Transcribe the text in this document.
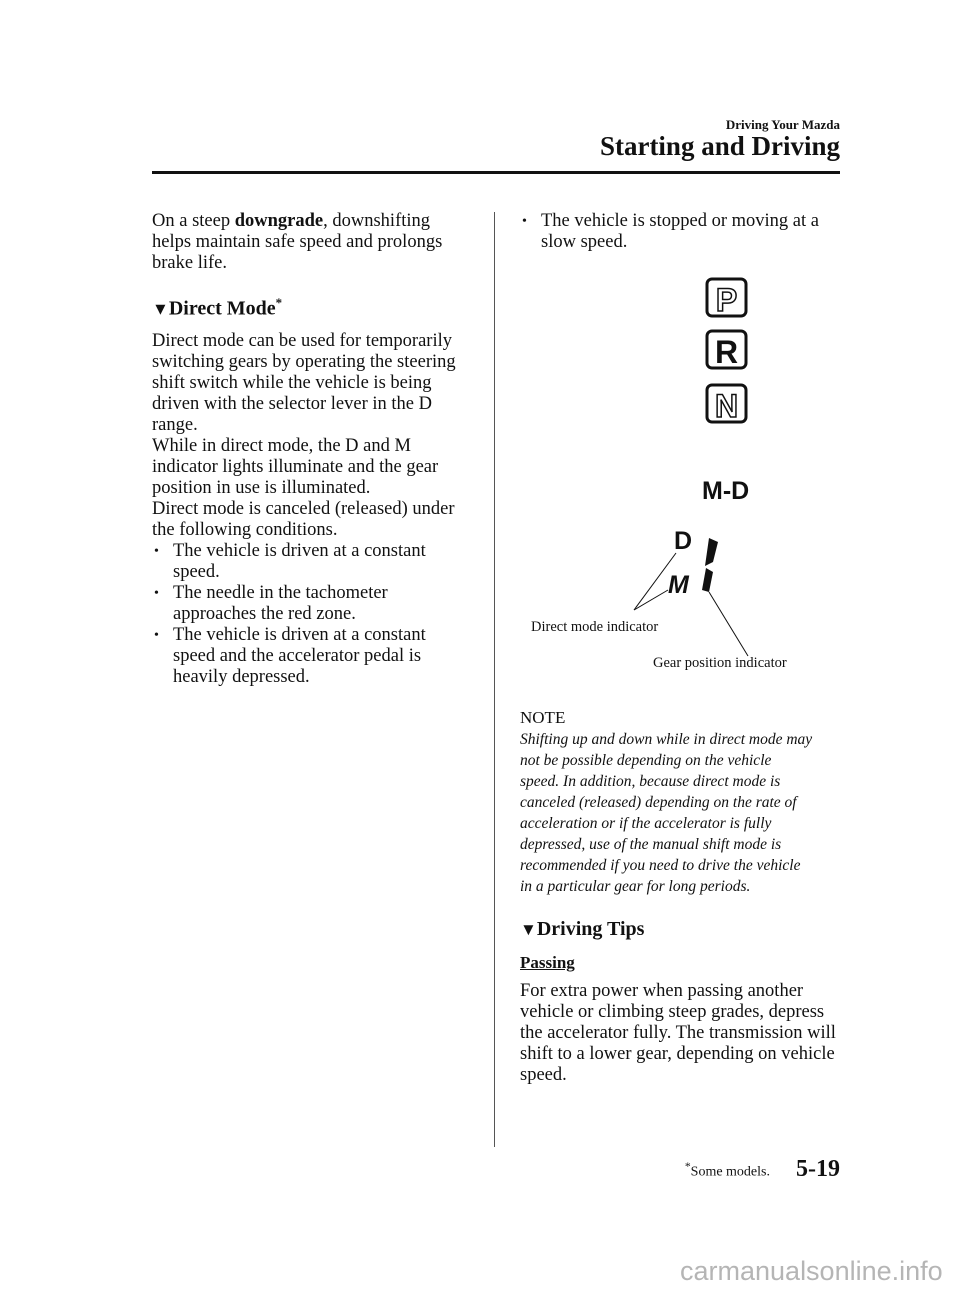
Driving Your Mazda
Starting and Driving
On a steep downgrade, downshifting
helps maintain safe speed and prolongs
brake life.
▼Direct Mode*
Direct mode can be used for temporarily
switching gears by operating the steering
shift switch while the vehicle is being
driven with the selector lever in the D
range.
While in direct mode, the D and M
indicator lights illuminate and the gear
position in use is illuminated.
Direct mode is canceled (released) under
the following conditions.
• The vehicle is driven at a constant
speed.
• The needle in the tachometer
approaches the red zone.
• The vehicle is driven at a constant
speed and the accelerator pedal is
heavily depressed.
• The vehicle is stopped or moving at a
slow speed.
P
R
N
M-D
D
M
Direct mode indicator
Gear position indicator
NOTE
Shifting up and down while in direct mode may
not be possible depending on the vehicle
speed. In addition, because direct mode is
canceled (released) depending on the rate of
acceleration or if the accelerator is fully
depressed, use of the manual shift mode is
recommended if you need to drive the vehicle
in a particular gear for long periods.
▼Driving Tips
Passing
For extra power when passing another
vehicle or climbing steep grades, depress
the accelerator fully. The transmission will
shift to a lower gear, depending on vehicle
speed.
*Some models. 5-19
carmanualsonline.info
